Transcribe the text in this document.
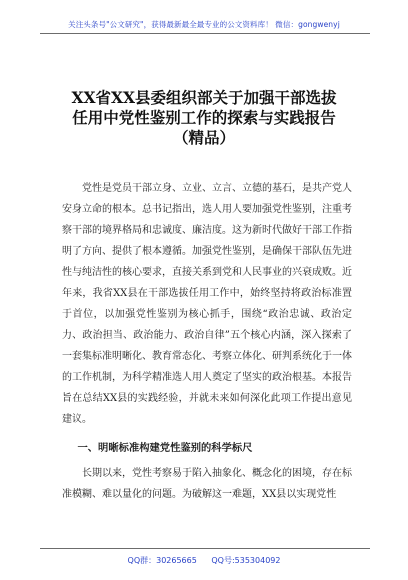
关注头条号"公文研究"，获得最新最全最专业的公文资料库！ 微信：gongwenyj
XX省XX县委组织部关于加强干部选拔
任用中党性鉴别工作的探索与实践报告
（精品）

党性是党员干部立身、立业、立言、立德的基石，是共产党人安身立命的根本。总书记指出，选人用人要加强党性鉴别，注重考察干部的境界格局和忠诚度、廉洁度。这为新时代做好干部工作指明了方向、提供了根本遵循。加强党性鉴别，是确保干部队伍先进性与纯洁性的核心要求，直接关系到党和人民事业的兴衰成败。近年来，我省XX县在干部选拔任用工作中，始终坚持将政治标准置于首位，以加强党性鉴别为核心抓手，围绕“政治忠诚、政治定力、政治担当、政治能力、政治自律”五个核心内涵，深入探索了一套集标准明晰化、教育常态化、考察立体化、研判系统化于一体的工作机制，为科学精准选人用人奠定了坚实的政治根基。本报告旨在总结XX县的实践经验，并就未来如何深化此项工作提出意见建议。

一、明晰标准构建党性鉴别的科学标尺

长期以来，党性考察易于陷入抽象化、概念化的困境，存在标准模糊、难以量化的问题。为破解这一难题，XX县以实现党性

QQ群：30265665 QQ号:535304092
